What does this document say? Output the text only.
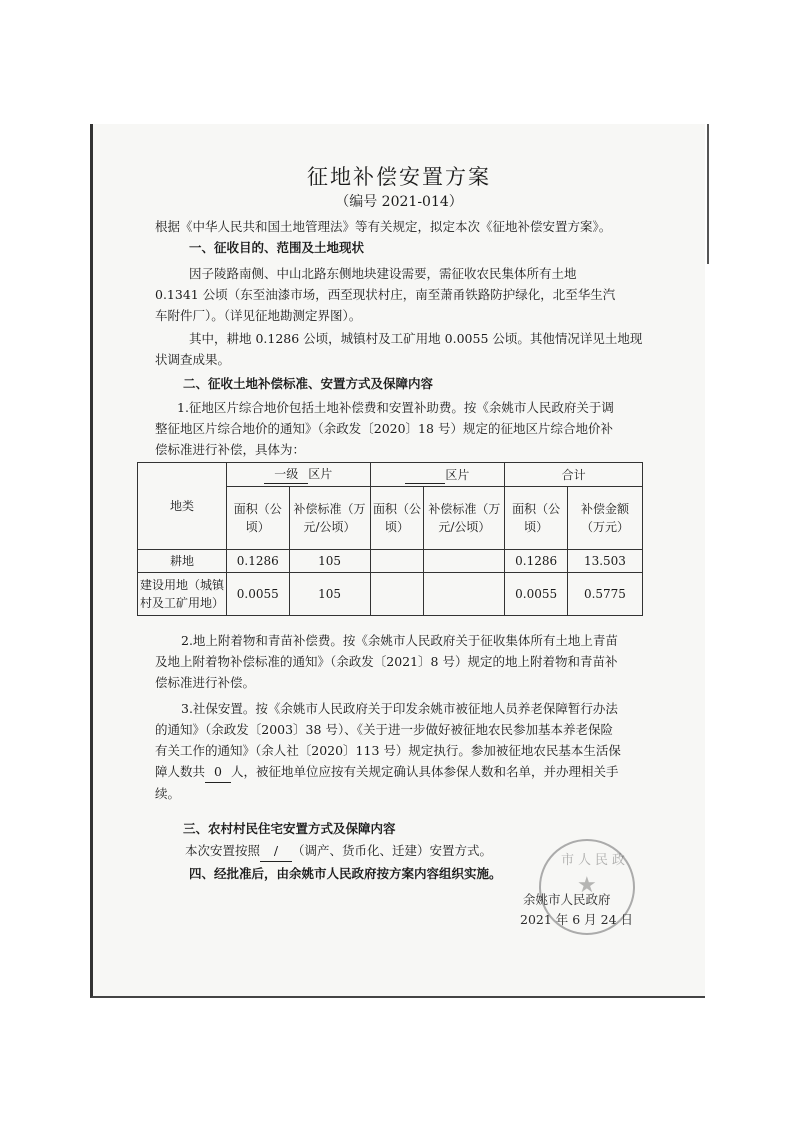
征地补偿安置方案
（编号 2021-014）
根据《中华人民共和国土地管理法》等有关规定，拟定本次《征地补偿安置方案》。
一、征收目的、范围及土地现状
因子陵路南侧、中山北路东侧地块建设需要，需征收农民集体所有土地
0.1341 公顷（东至油漆市场，西至现状村庄，南至萧甬铁路防护绿化，北至华生汽
车附件厂）。（详见征地勘测定界图）。
其中，耕地 0.1286 公顷，城镇村及工矿用地 0.0055 公顷。其他情况详见土地现
状调查成果。
二、征收土地补偿标准、安置方式及保障内容
1.征地区片综合地价包括土地补偿费和安置补助费。按《余姚市人民政府关于调
整征地区片综合地价的通知》（余政发〔2020〕18 号）规定的征地区片综合地价补
偿标准进行补偿，具体为：
地类	一级 区片		区片		合计	
	面积（公顷）	补偿标准（万元/公顷）	面积（公顷）	补偿标准（万元/公顷）	面积（公顷）	补偿金额（万元）
耕地	0.1286	105			0.1286	13.503
建设用地（城镇村及工矿用地）	0.0055	105			0.0055	0.5775
2.地上附着物和青苗补偿费。按《余姚市人民政府关于征收集体所有土地上青苗
及地上附着物补偿标准的通知》（余政发〔2021〕8 号）规定的地上附着物和青苗补
偿标准进行补偿。
3.社保安置。按《余姚市人民政府关于印发余姚市被征地人员养老保障暂行办法
的通知》（余政发〔2003〕38 号）、《关于进一步做好被征地农民参加基本养老保险
有关工作的通知》（余人社〔2020〕113 号）规定执行。参加被征地农民基本生活保
障人数共 0 人，被征地单位应按有关规定确认具体参保人数和名单，并办理相关手
续。
三、农村村民住宅安置方式及保障内容
本次安置按照 / （调产、货币化、迁建）安置方式。
四、经批准后，由余姚市人民政府按方案内容组织实施。
市人民政
★
余姚市人民政府
2021 年 6 月 24 日
